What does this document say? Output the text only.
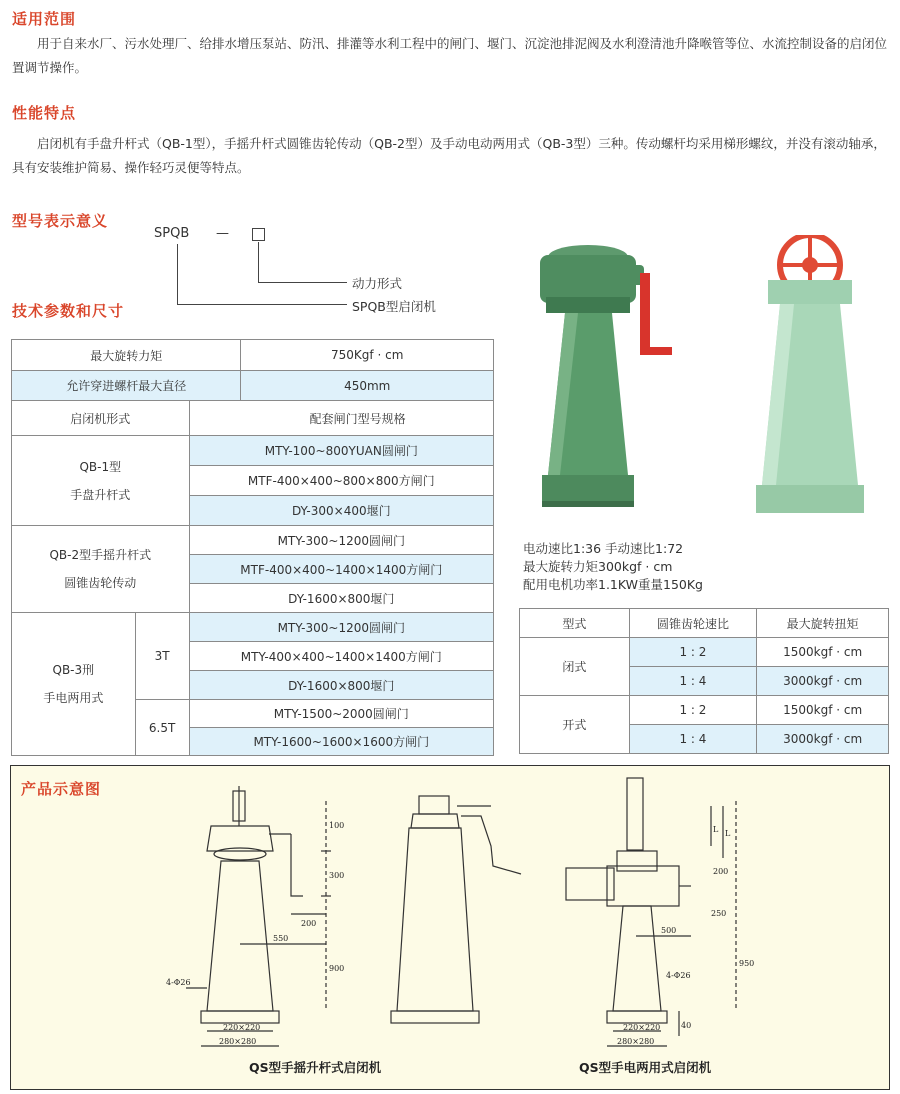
适用范围
用于自来水厂、污水处理厂、给排水增压泵站、防汛、排灌等水利工程中的闸门、堰门、沉淀池排泥阀及水利澄清池升降喉管等位、水流控制设备的启闭位置调节操作。
性能特点
启闭机有手盘升杆式（QB-1型），手摇升杆式圆锥齿轮传动（QB-2型）及手动电动两用式（QB-3型）三种。传动螺杆均采用梯形螺纹，并没有滚动轴承，具有安装维护简易、操作轻巧灵便等特点。
型号表示意义
SPQB —
动力形式
SPQB型启闭机
技术参数和尺寸
最大旋转力矩			750Kgf · cm
允许穿进螺杆最大直径			450mm
启闭机形式		配套闸门型号规格	

QB-1型
手盘升杆式		MTY-100~800YUAN圆闸门	
		MTF-400×400~800×800方闸门	
		DY-300×400堰门	

QB-2型手摇升杆式
圆锥齿轮传动		MTY-300~1200圆闸门	
		MTF-400×400~1400×1400方闸门	
		DY-1600×800堰门	

QB-3刑
手电两用式	3T	MTY-300~1200圆闸门	
		MTY-400×400~1400×1400方闸门	
		DY-1600×800堰门	
	6.5T	MTY-1500~2000圆闸门	
		MTY-1600~1600×1600方闸门	
电动速比1:36 手动速比1:72
最大旋转力矩300kgf · cm
配用电机功率1.1KW重量150Kg
型式	圆锥齿轮速比	最大旋转扭矩
闭式	1 : 2	1500kgf · cm
	1 : 4	3000kgf · cm
开式	1 : 2	1500kgf · cm
	1 : 4	3000kgf · cm
产品示意图
100
300
900
200
550
4-Φ26
220×220
280×280
L L
200
250
950
500
40
4-Φ26
220×220
280×280
QS型手摇升杆式启闭机	QS型手电两用式启闭机
